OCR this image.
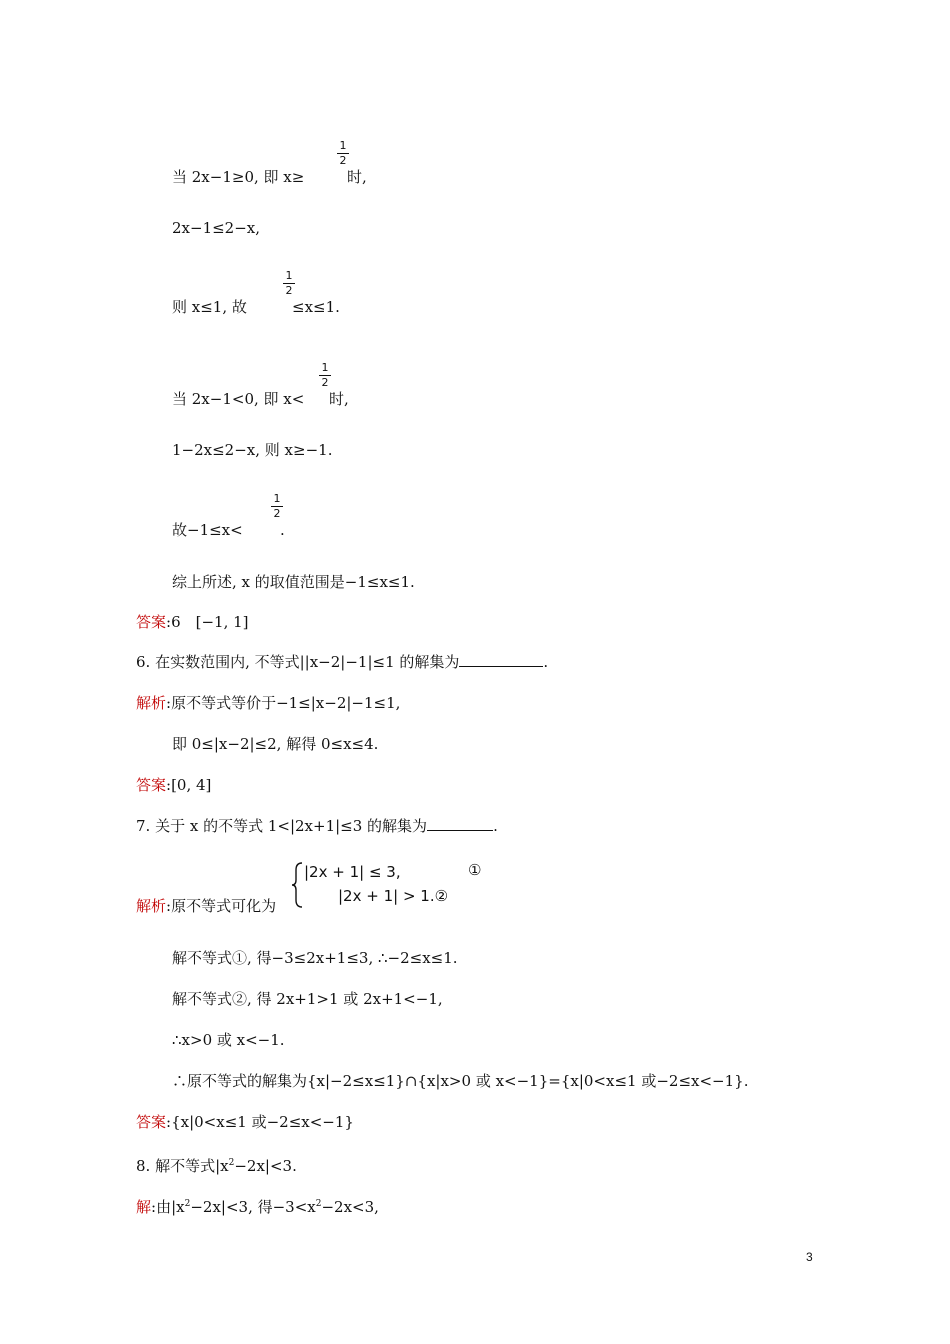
当 2x−1≥0, 即 x≥
1
2
时,
2x−1≤2−x,
则 x≤1, 故
1
2
≤x≤1.
当 2x−1<0, 即 x<
1
2
时,
1−2x≤2−x, 则 x≥−1.
故−1≤x<
1
2
.
综上所述, x 的取值范围是−1≤x≤1.
答案:6　[−1, 1]
6. 在实数范围内, 不等式||x−2|−1|≤1 的解集为	.
解析:原不等式等价于−1≤|x−2|−1≤1,
即 0≤|x−2|≤2, 解得 0≤x≤4.
答案:[0, 4]
7. 关于 x 的不等式 1<|2x+1|≤3 的解集为	.
解析:原不等式可化为
|2x + 1| ≤ 3,	①
|2x + 1| > 1.②
解不等式①, 得−3≤2x+1≤3, ∴−2≤x≤1.
解不等式②, 得 2x+1>1 或 2x+1<−1,
∴x>0 或 x<−1.
∴原不等式的解集为{x|−2≤x≤1}∩{x|x>0 或 x<−1}={x|0<x≤1 或−2≤x<−1}.
答案:{x|0<x≤1 或−2≤x<−1}
8. 解不等式$|x^2-2x|<3$.
解:由$|x^2-2x|<3$, 得$-3<x^2-2x<3$,
3
